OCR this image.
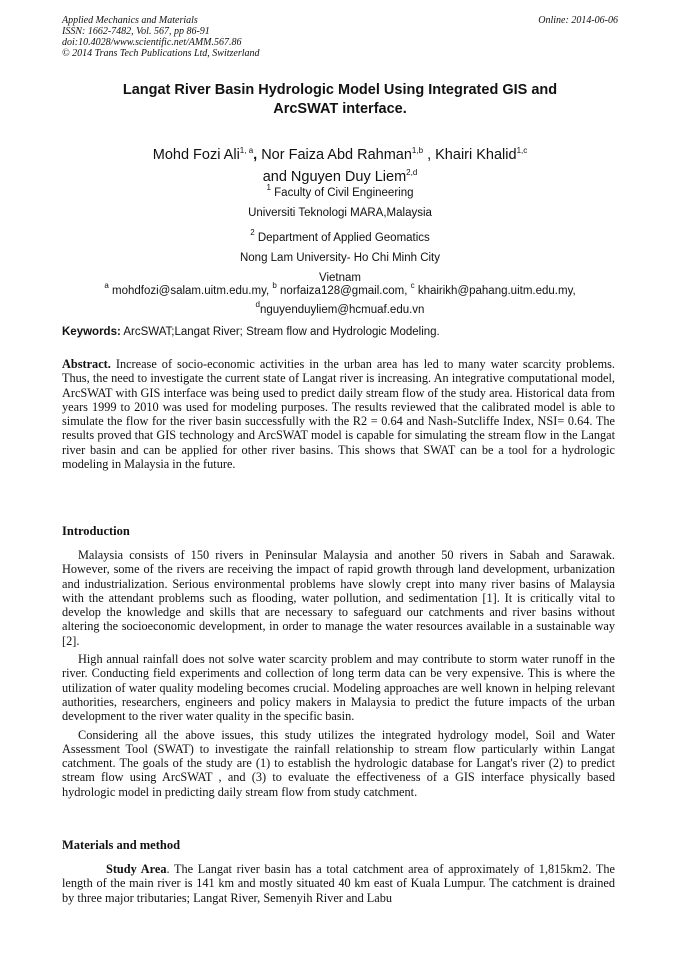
Applied Mechanics and Materials
ISSN: 1662-7482, Vol. 567, pp 86-91
doi:10.4028/www.scientific.net/AMM.567.86
© 2014 Trans Tech Publications Ltd, Switzerland
Online: 2014-06-06
Langat River Basin Hydrologic Model Using Integrated GIS and
ArcSWAT interface.
Mohd Fozi Ali$^{1, a}$, Nor Faiza Abd Rahman$^{1,b}$ , Khairi Khalid$^{1,c}$
and Nguyen Duy Liem$^{2,d}$
$^1$ Faculty of Civil Engineering
Universiti Teknologi MARA,Malaysia
$^2$ Department of Applied Geomatics
Nong Lam University- Ho Chi Minh City
Vietnam
$^a$ mohdfozi@salam.uitm.edu.my, $^b$ norfaiza128@gmail.com, $^c$ khairikh@pahang.uitm.edu.my,
$^d$nguyenduyliem@hcmuaf.edu.vn
Keywords: ArcSWAT;Langat River; Stream flow and Hydrologic Modeling.

Abstract. Increase of socio-economic activities in the urban area has led to many water scarcity problems. Thus, the need to investigate the current state of Langat river is increasing. An integrative computational model, ArcSWAT with GIS interface was being used to predict daily stream flow of the study area. Historical data from years 1999 to 2010 was used for modeling purposes. The results reviewed that the calibrated model is able to simulate the flow for the river basin successfully with the R2 = 0.64 and Nash-Sutcliffe Index, NSI= 0.64. The results proved that GIS technology and ArcSWAT model is capable for simulating the stream flow in the Langat river basin and can be applied for other river basins. This shows that SWAT can be a tool for a hydrologic modeling in Malaysia in the future.

Introduction

Malaysia consists of 150 rivers in Peninsular Malaysia and another 50 rivers in Sabah and Sarawak. However, some of the rivers are receiving the impact of rapid growth through land development, urbanization and industrialization. Serious environmental problems have slowly crept into many river basins of Malaysia with the attendant problems such as flooding, water pollution, and sedimentation [1]. It is critically vital to develop the knowledge and skills that are necessary to safeguard our catchments and river basins without altering the socioeconomic development, in order to manage the water resources available in a sustainable way [2].

High annual rainfall does not solve water scarcity problem and may contribute to storm water runoff in the river. Conducting field experiments and collection of long term data can be very expensive. This is where the utilization of water quality modeling becomes crucial. Modeling approaches are well known in helping relevant authorities, researchers, engineers and policy makers in Malaysia to predict the future impacts of the urban development to the river water quality in the specific basin.

Considering all the above issues, this study utilizes the integrated hydrology model, Soil and Water Assessment Tool (SWAT) to investigate the rainfall relationship to stream flow particularly within Langat catchment. The goals of the study are (1) to establish the hydrologic database for Langat's river (2) to predict stream flow using ArcSWAT , and (3) to evaluate the effectiveness of a GIS interface physically based hydrologic model in predicting daily stream flow from study catchment.

Materials and method

Study Area. The Langat river basin has a total catchment area of approximately of 1,815km2. The length of the main river is 141 km and mostly situated 40 km east of Kuala Lumpur. The catchment is drained by three major tributaries; Langat River, Semenyih River and Labu
